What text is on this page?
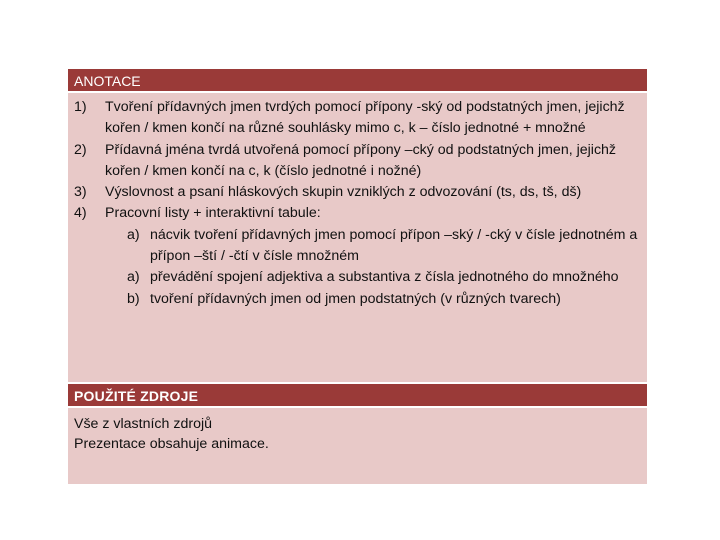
ANOTACE
1) Tvoření přídavných jmen tvrdých pomocí přípony -ský od podstatných jmen, jejichž kořen / kmen končí na různé souhlásky mimo c, k – číslo jednotné + množné
2) Přídavná jména tvrdá utvořená pomocí přípony –cký od podstatných jmen, jejichž kořen / kmen končí na c, k (číslo jednotné i nožné)
3) Výslovnost a psaní hláskových skupin vzniklých z odvozování (ts, ds, tš, dš)
4) Pracovní listy + interaktivní tabule:
a) nácvik tvoření přídavných jmen pomocí přípon –ský / -cký v čísle jednotném a přípon –ští / -čtí v čísle množném
a) převádění spojení adjektiva a substantiva z čísla jednotného do množného
b) tvoření přídavných jmen od jmen podstatných (v různých tvarech)
POUŽITÉ ZDROJE
Vše z vlastních zdrojů
Prezentace obsahuje animace.
